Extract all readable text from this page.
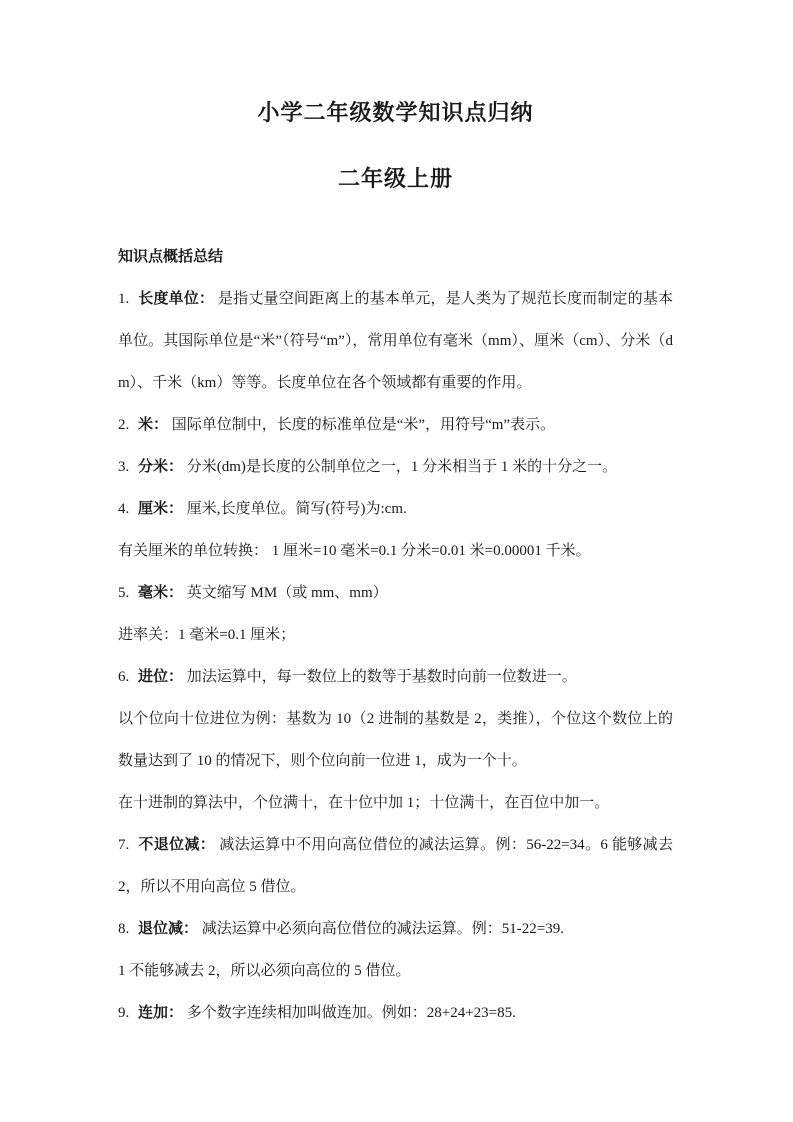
小学二年级数学知识点归纳
二年级上册
知识点概括总结

1. 长度单位： 是指丈量空间距离上的基本单元，是人类为了规范长度而制定的基本单位。其国际单位是“米”（符号“m”），常用单位有毫米（mm）、厘米（cm）、分米（dm）、千米（km）等等。长度单位在各个领域都有重要的作用。

2. 米： 国际单位制中，长度的标准单位是“米”，用符号“m”表示。

3. 分米： 分米(dm)是长度的公制单位之一，1 分米相当于 1 米的十分之一。

4. 厘米： 厘米,长度单位。简写(符号)为:cm.

有关厘米的单位转换： 1 厘米=10 毫米=0.1 分米=0.01 米=0.00001 千米。

5. 毫米： 英文缩写 MM（或 mm、mm）

进率关：1 毫米=0.1 厘米；

6. 进位： 加法运算中，每一数位上的数等于基数时向前一位数进一。

以个位向十位进位为例：基数为 10（2 进制的基数是 2，类推），个位这个数位上的数量达到了 10 的情况下，则个位向前一位进 1，成为一个十。

在十进制的算法中，个位满十，在十位中加 1；十位满十，在百位中加一。

7. 不退位减： 减法运算中不用向高位借位的减法运算。例：56-22=34。6 能够减去 2，所以不用向高位 5 借位。

8. 退位减： 减法运算中必须向高位借位的减法运算。例：51-22=39.

1 不能够减去 2，所以必须向高位的 5 借位。

9. 连加： 多个数字连续相加叫做连加。例如：28+24+23=85.
